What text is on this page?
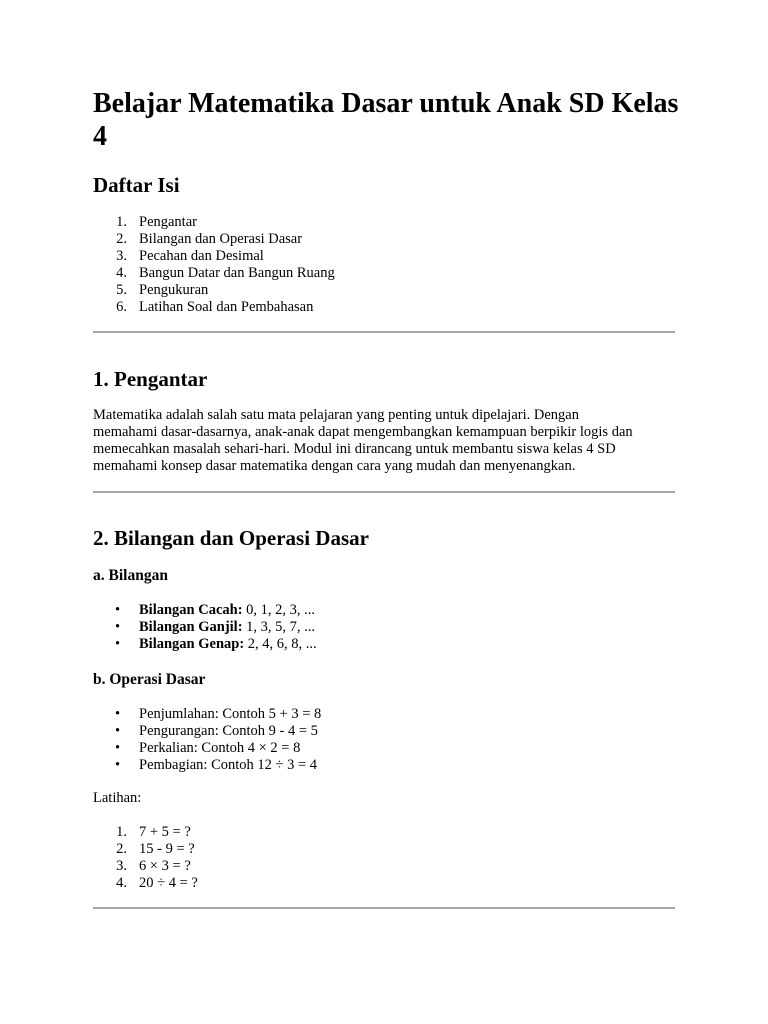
Belajar Matematika Dasar untuk Anak SD Kelas 4
Daftar Isi
1. Pengantar
2. Bilangan dan Operasi Dasar
3. Pecahan dan Desimal
4. Bangun Datar dan Bangun Ruang
5. Pengukuran
6. Latihan Soal dan Pembahasan
1. Pengantar

Matematika adalah salah satu mata pelajaran yang penting untuk dipelajari. Dengan
memahami dasar-dasarnya, anak-anak dapat mengembangkan kemampuan berpikir logis dan
memecahkan masalah sehari-hari. Modul ini dirancang untuk membantu siswa kelas 4 SD
memahami konsep dasar matematika dengan cara yang mudah dan menyenangkan.

2. Bilangan dan Operasi Dasar
a. Bilangan
• Bilangan Cacah: 0, 1, 2, 3, ...
• Bilangan Ganjil: 1, 3, 5, 7, ...
• Bilangan Genap: 2, 4, 6, 8, ...
b. Operasi Dasar
• Penjumlahan: Contoh 5 + 3 = 8
• Pengurangan: Contoh 9 - 4 = 5
• Perkalian: Contoh 4 × 2 = 8
• Pembagian: Contoh 12 ÷ 3 = 4

Latihan:

1. 7 + 5 = ?
2. 15 - 9 = ?
3. 6 × 3 = ?
4. 20 ÷ 4 = ?
